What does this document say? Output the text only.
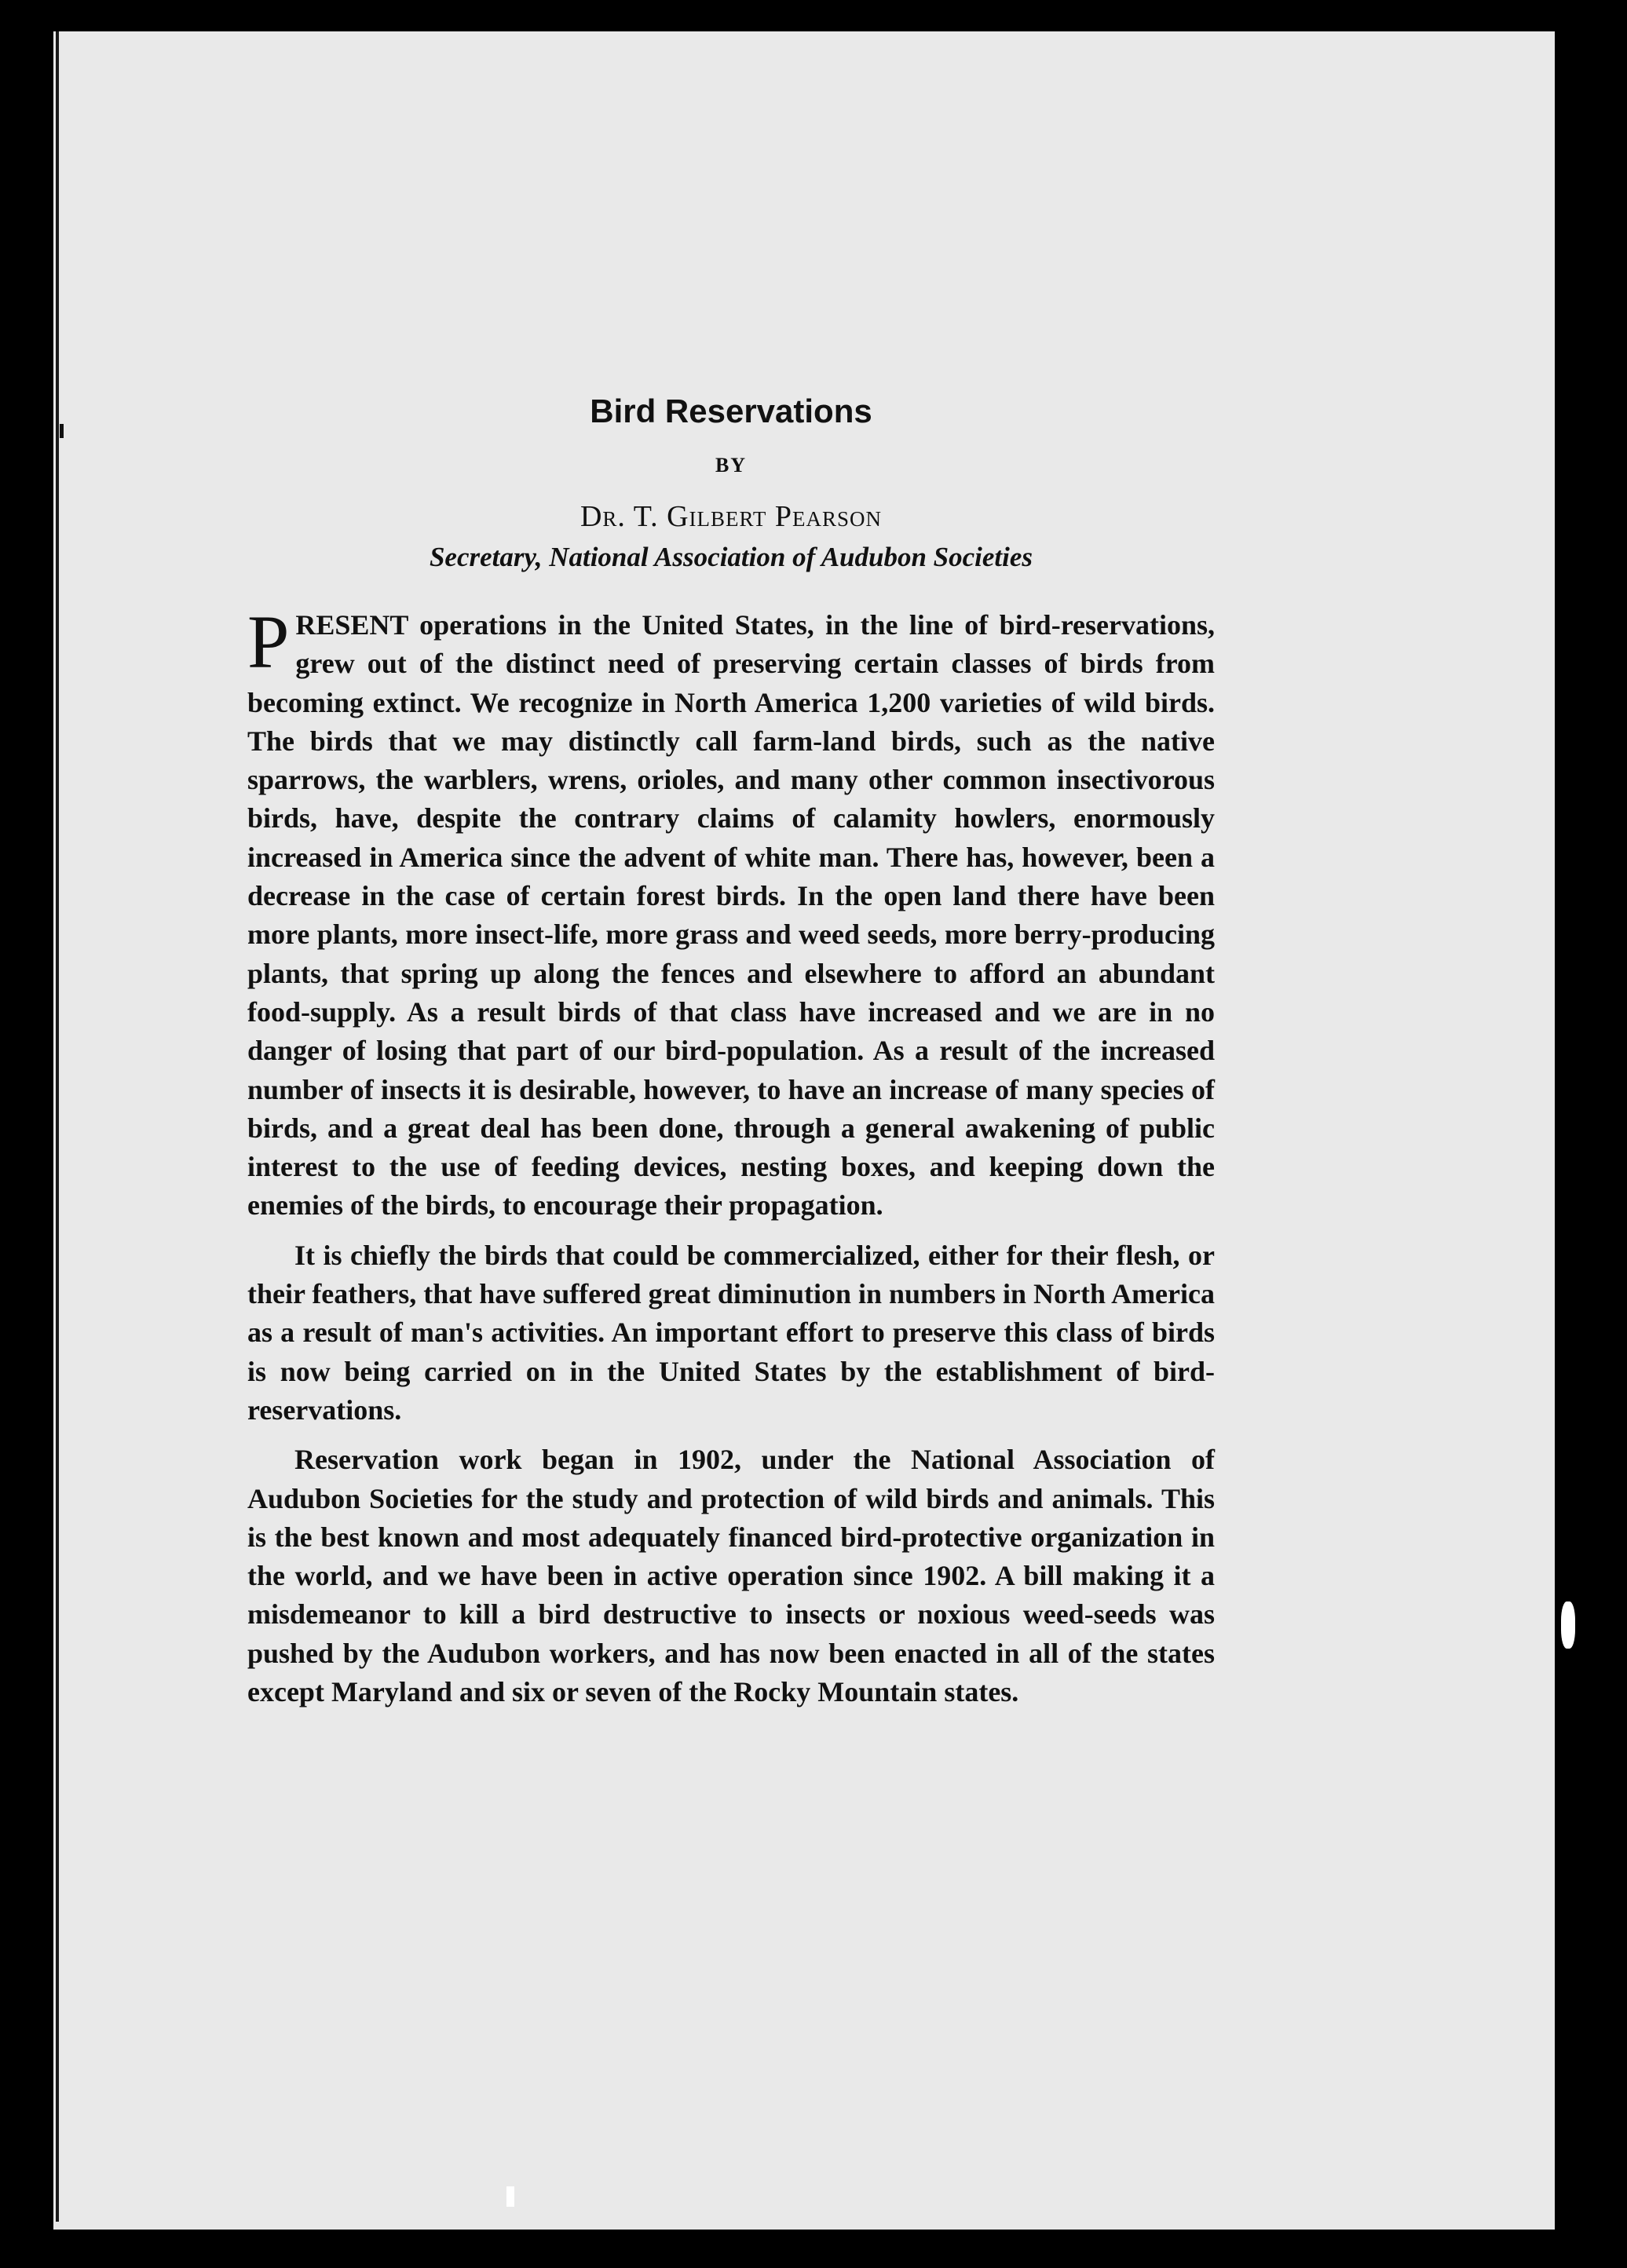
Bird Reservations
BY
Dr. T. Gilbert Pearson
Secretary, National Association of Audubon Societies

PRESENT operations in the United States, in the line of bird-reservations, grew out of the distinct need of preserving certain classes of birds from becoming extinct. We recognize in North America 1,200 varieties of wild birds. The birds that we may distinctly call farm-land birds, such as the native sparrows, the warblers, wrens, orioles, and many other common insectivorous birds, have, despite the contrary claims of calamity howlers, enormously increased in America since the advent of white man. There has, however, been a decrease in the case of certain forest birds. In the open land there have been more plants, more insect-life, more grass and weed seeds, more berry-producing plants, that spring up along the fences and elsewhere to afford an abundant food-supply. As a result birds of that class have increased and we are in no danger of losing that part of our bird-population. As a result of the increased number of insects it is desirable, however, to have an increase of many species of birds, and a great deal has been done, through a general awakening of public interest to the use of feeding devices, nesting boxes, and keeping down the enemies of the birds, to encourage their propagation.

It is chiefly the birds that could be commercialized, either for their flesh, or their feathers, that have suffered great diminution in numbers in North America as a result of man's activities. An important effort to preserve this class of birds is now being carried on in the United States by the establishment of bird-reservations.

Reservation work began in 1902, under the National Association of Audubon Societies for the study and protection of wild birds and animals. This is the best known and most adequately financed bird-protective organization in the world, and we have been in active operation since 1902. A bill making it a misdemeanor to kill a bird destructive to insects or noxious weed-seeds was pushed by the Audubon workers, and has now been enacted in all of the states except Maryland and six or seven of the Rocky Mountain states.
